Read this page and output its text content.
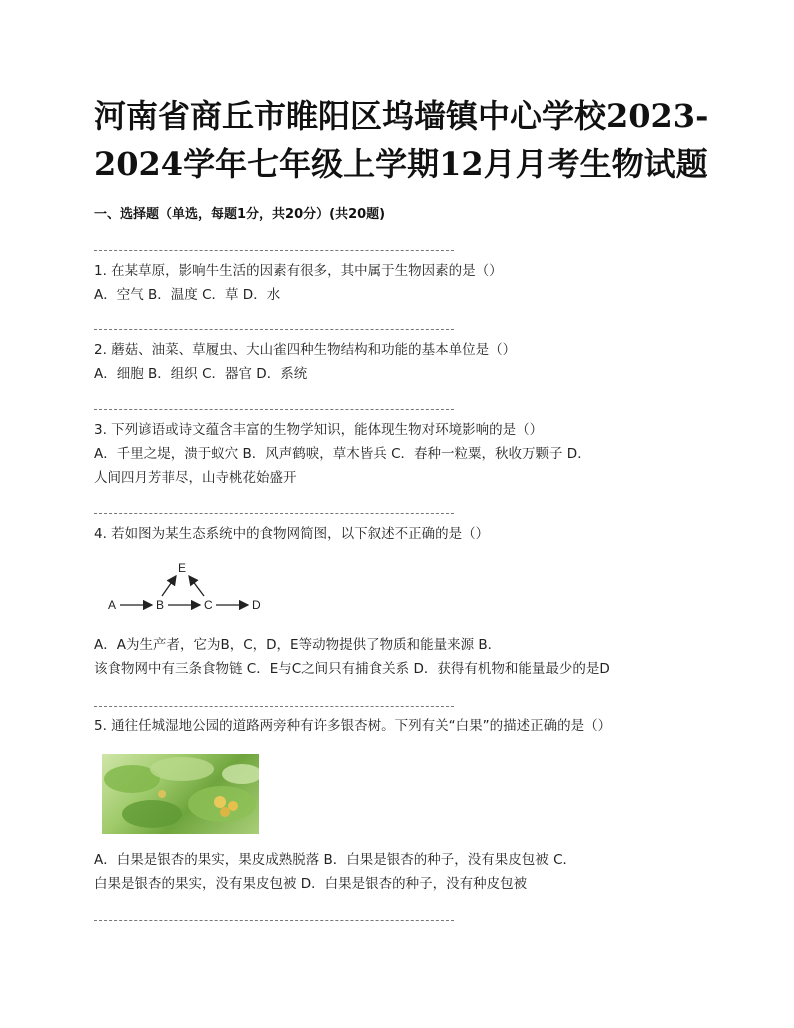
河南省商丘市睢阳区坞墙镇中心学校2023-
2024学年七年级上学期12月月考生物试题
一、选择题（单选，每题1分，共20分）(共20题)
1. 在某草原，影响牛生活的因素有很多，其中属于生物因素的是（）
A．空气 B．温度 C．草 D．水
2. 蘑菇、油菜、草履虫、大山雀四种生物结构和功能的基本单位是（）
A．细胞 B．组织 C．器官 D．系统
3. 下列谚语或诗文蕴含丰富的生物学知识，能体现生物对环境影响的是（）
A．千里之堤，溃于蚁穴 B．风声鹤唳，草木皆兵 C．春种一粒粟，秋收万颗子 D．
人间四月芳菲尽，山寺桃花始盛开
4. 若如图为某生态系统中的食物网简图，以下叙述不正确的是（）
E
A	B	C	D
A．A为生产者，它为B，C，D，E等动物提供了物质和能量来源 B．
该食物网中有三条食物链 C．E与C之间只有捕食关系 D．获得有机物和能量最少的是D
5. 通往任城湿地公园的道路两旁种有许多银杏树。下列有关“白果”的描述正确的是（）
A．白果是银杏的果实，果皮成熟脱落 B．白果是银杏的种子，没有果皮包被 C．
白果是银杏的果实，没有果皮包被 D．白果是银杏的种子，没有种皮包被
